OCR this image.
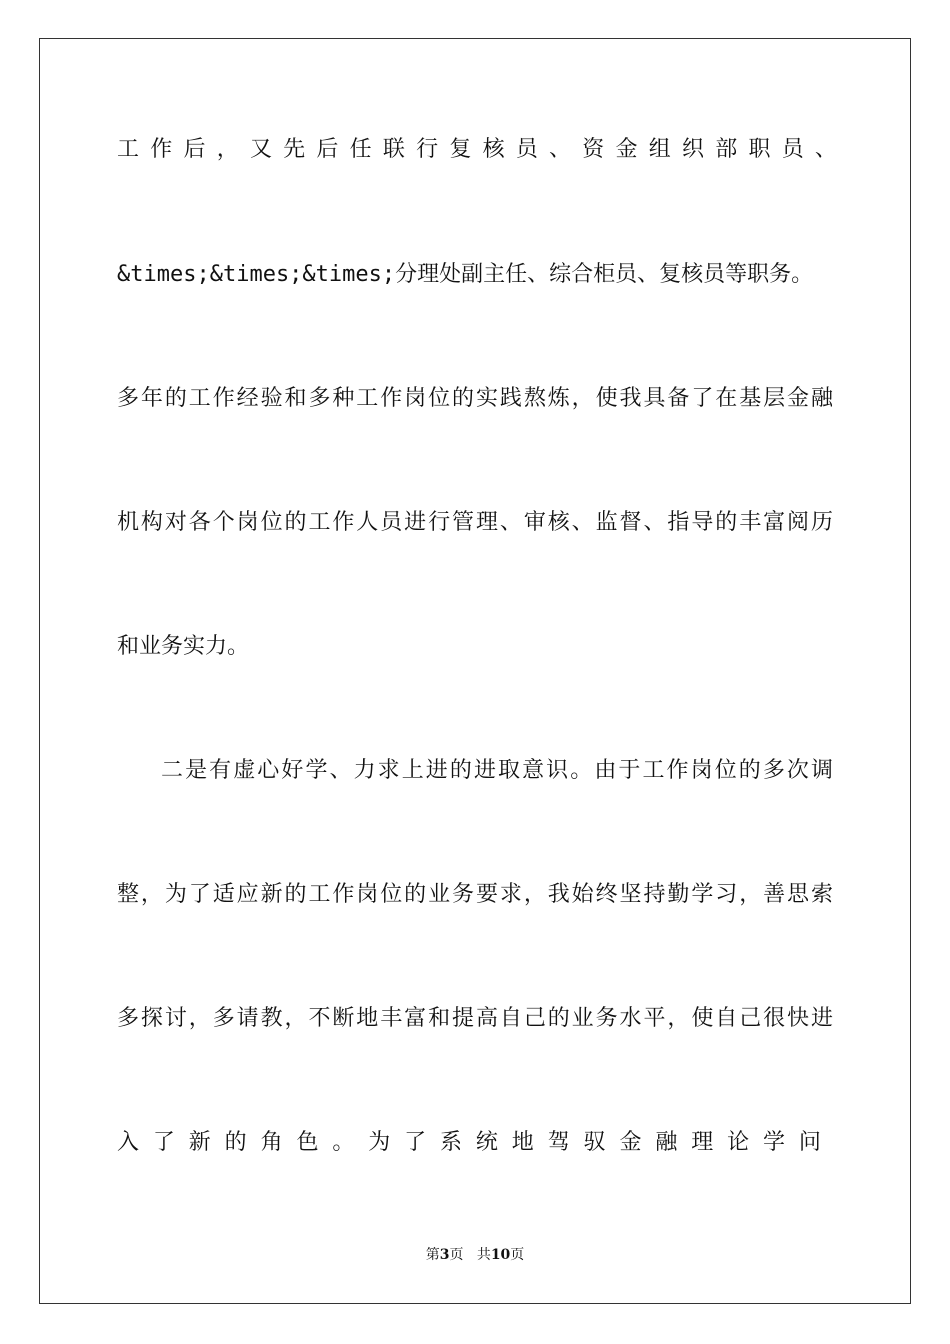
工 作 后 ， 又 先 后 任 联 行 复 核 员 、 资 金 组 织 部 职 员 、
&times;&times;&times;分理处副主任、综合柜员、复核员等职务。
多年的工作经验和多种工作岗位的实践熬炼，使我具备了在基层金融
机构对各个岗位的工作人员进行管理、审核、监督、指导的丰富阅历
和业务实力。
二是有虚心好学、力求上进的进取意识。由于工作岗位的多次调
整，为了适应新的工作岗位的业务要求，我始终坚持勤学习，善思索
多探讨，多请教，不断地丰富和提高自己的业务水平，使自己很快进
入 了 新 的 角 色 。 为 了 系 统 地 驾 驭 金 融 理 论 学 问
第3页 共10页
